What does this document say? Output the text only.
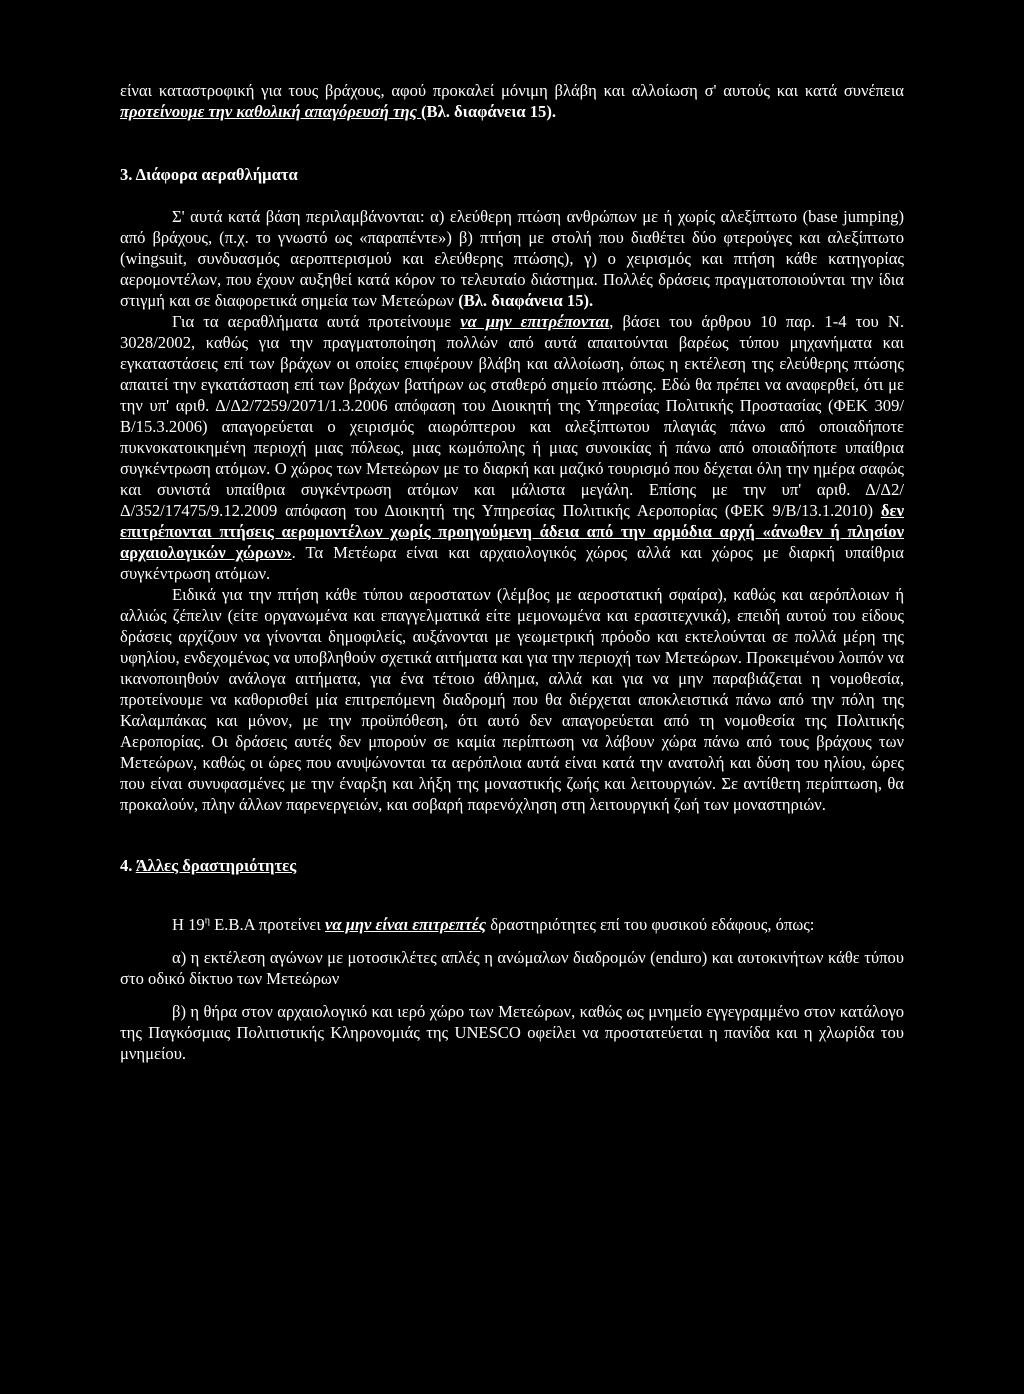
είναι καταστροφική για τους βράχους, αφού προκαλεί μόνιμη βλάβη και αλλοίωση σ' αυτούς και κατά συνέπεια προτείνουμε την καθολική απαγόρευσή της (Βλ. διαφάνεια 15).

3. Διάφορα αεραθλήματα

Σ' αυτά κατά βάση περιλαμβάνονται: α) ελεύθερη πτώση ανθρώπων με ή χωρίς αλεξίπτωτο (base jumping) από βράχους, (π.χ. το γνωστό ως «παραπέντε») β) πτήση με στολή που διαθέτει δύο φτερούγες και αλεξίπτωτο (wingsuit, συνδυασμός αεροπτερισμού και ελεύθερης πτώσης), γ) ο χειρισμός και πτήση κάθε κατηγορίας αερομοντέλων, που έχουν αυξηθεί κατά κόρον το τελευταίο διάστημα. Πολλές δράσεις πραγματοποιούνται την ίδια στιγμή και σε διαφορετικά σημεία των Μετεώρων (Βλ. διαφάνεια 15).

Για τα αεραθλήματα αυτά προτείνουμε να μην επιτρέπονται, βάσει του άρθρου 10 παρ. 1-4 του Ν. 3028/2002, καθώς για την πραγματοποίηση πολλών από αυτά απαιτούνται βαρέως τύπου μηχανήματα και εγκαταστάσεις επί των βράχων οι οποίες επιφέρουν βλάβη και αλλοίωση, όπως η εκτέλεση της ελεύθερης πτώσης απαιτεί την εγκατάσταση επί των βράχων βατήρων ως σταθερό σημείο πτώσης. Εδώ θα πρέπει να αναφερθεί, ότι με την υπ' αριθ. Δ/Δ2/7259/2071/1.3.2006 απόφαση του Διοικητή της Υπηρεσίας Πολιτικής Προστασίας (ΦΕΚ 309/Β/15.3.2006) απαγορεύεται ο χειρισμός αιωρόπτερου και αλεξίπτωτου πλαγιάς πάνω από οποιαδήποτε πυκνοκατοικημένη περιοχή μιας πόλεως, μιας κωμόπολης ή μιας συνοικίας ή πάνω από οποιαδήποτε υπαίθρια συγκέντρωση ατόμων. Ο χώρος των Μετεώρων με το διαρκή και μαζικό τουρισμό που δέχεται όλη την ημέρα σαφώς και συνιστά υπαίθρια συγκέντρωση ατόμων και μάλιστα μεγάλη. Επίσης με την υπ' αριθ. Δ/Δ2/Δ/352/17475/9.12.2009 απόφαση του Διοικητή της Υπηρεσίας Πολιτικής Αεροπορίας (ΦΕΚ 9/Β/13.1.2010) δεν επιτρέπονται πτήσεις αερομοντέλων χωρίς προηγούμενη άδεια από την αρμόδια αρχή «άνωθεν ή πλησίον αρχαιολογικών χώρων». Τα Μετέωρα είναι και αρχαιολογικός χώρος αλλά και χώρος με διαρκή υπαίθρια συγκέντρωση ατόμων.

Ειδικά για την πτήση κάθε τύπου αεροστατων (λέμβος με αεροστατική σφαίρα), καθώς και αερόπλοιων ή αλλιώς ζέπελιν (είτε οργανωμένα και επαγγελματικά είτε μεμονωμένα και ερασιτεχνικά), επειδή αυτού του είδους δράσεις αρχίζουν να γίνονται δημοφιλείς, αυξάνονται με γεωμετρική πρόοδο και εκτελούνται σε πολλά μέρη της υφηλίου, ενδεχομένως να υποβληθούν σχετικά αιτήματα και για την περιοχή των Μετεώρων. Προκειμένου λοιπόν να ικανοποιηθούν ανάλογα αιτήματα, για ένα τέτοιο άθλημα, αλλά και για να μην παραβιάζεται η νομοθεσία, προτείνουμε να καθορισθεί μία επιτρεπόμενη διαδρομή που θα διέρχεται αποκλειστικά πάνω από την πόλη της Καλαμπάκας και μόνον, με την προϋπόθεση, ότι αυτό δεν απαγορεύεται από τη νομοθεσία της Πολιτικής Αεροπορίας. Οι δράσεις αυτές δεν μπορούν σε καμία περίπτωση να λάβουν χώρα πάνω από τους βράχους των Μετεώρων, καθώς οι ώρες που ανυψώνονται τα αερόπλοια αυτά είναι κατά την ανατολή και δύση του ηλίου, ώρες που είναι συνυφασμένες με την έναρξη και λήξη της μοναστικής ζωής και λειτουργιών. Σε αντίθετη περίπτωση, θα προκαλούν, πλην άλλων παρενεργειών, και σοβαρή παρενόχληση στη λειτουργική ζωή των μοναστηριών.

4. Άλλες δραστηριότητες

Η $19^\eta$ Ε.Β.Α προτείνει να μην είναι επιτρεπτές δραστηριότητες επί του φυσικού εδάφους, όπως:

α) η εκτέλεση αγώνων με μοτοσικλέτες απλές η ανώμαλων διαδρομών (enduro) και αυτοκινήτων κάθε τύπου στο οδικό δίκτυο των Μετεώρων

β) η θήρα στον αρχαιολογικό και ιερό χώρο των Μετεώρων, καθώς ως μνημείο εγγεγραμμένο στον κατάλογο της Παγκόσμιας Πολιτιστικής Κληρονομιάς της UNESCO οφείλει να προστατεύεται η πανίδα και η χλωρίδα του μνημείου.
